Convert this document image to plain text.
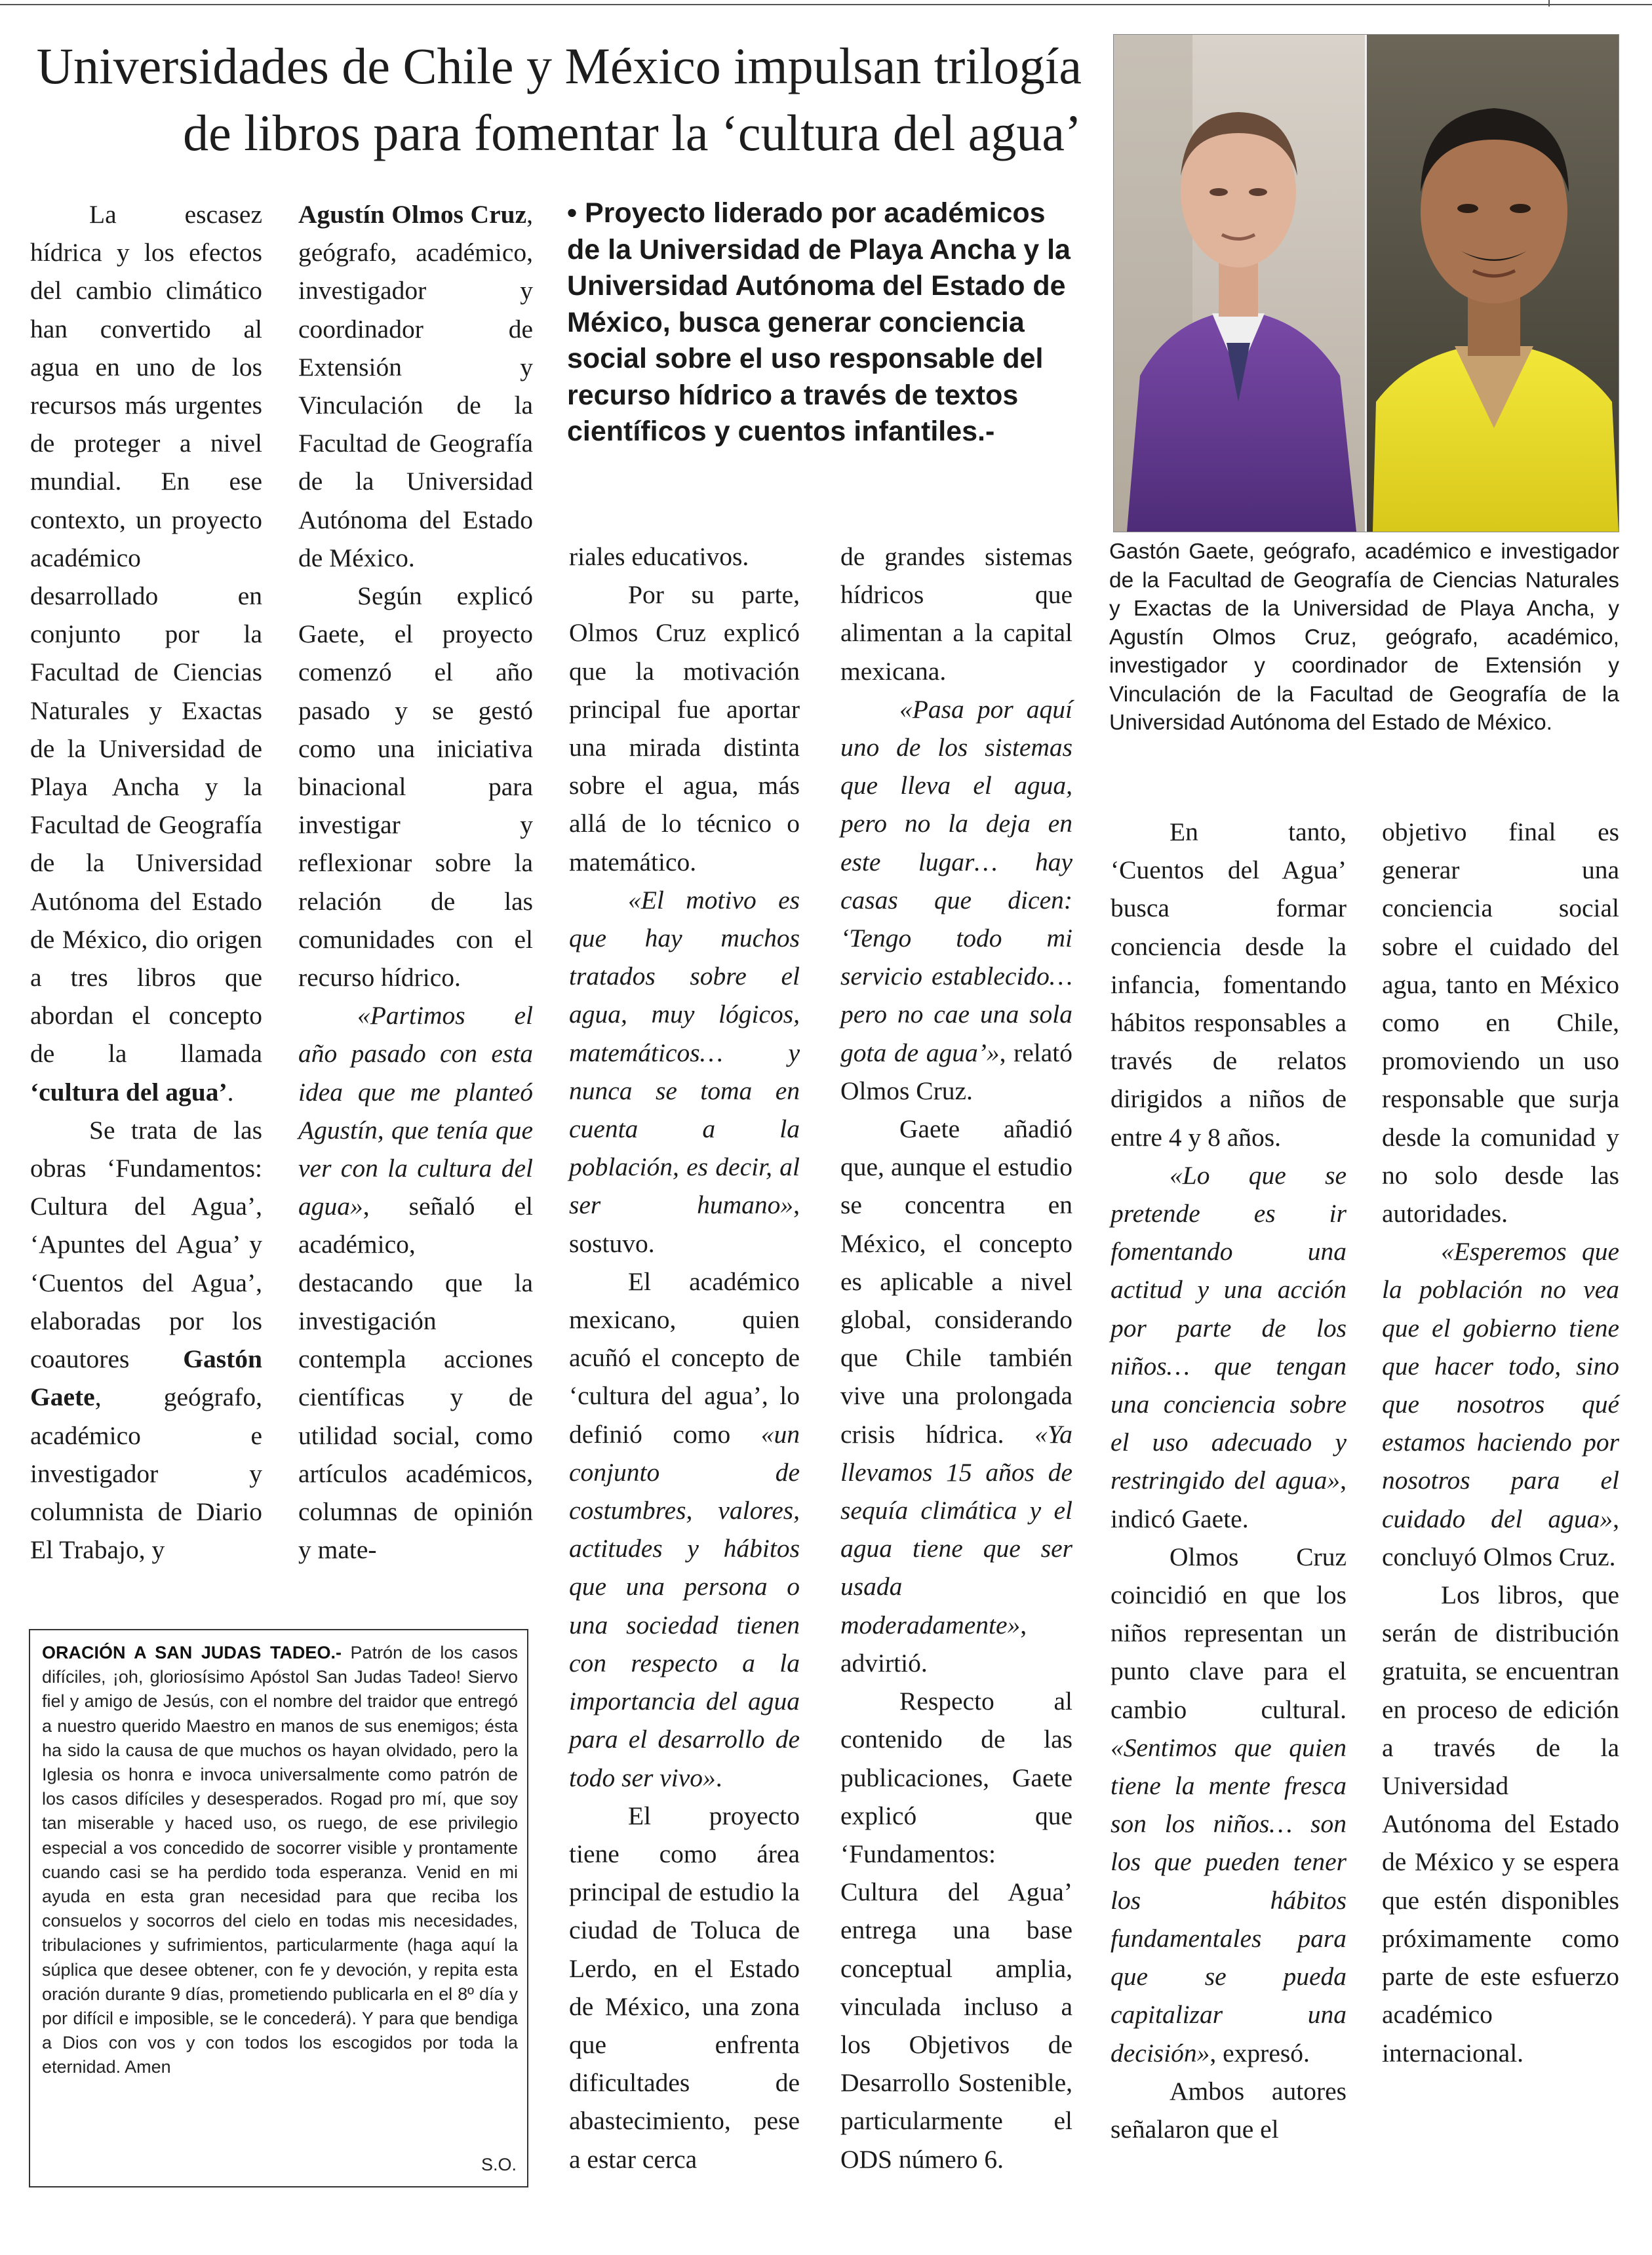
Universidades de Chile y México impulsan trilogía
de libros para fomentar la ‘cultura del agua’

La escasez hídrica y los efectos del cambio climático han convertido al agua en uno de los recursos más urgentes de proteger a nivel mundial. En ese contexto, un proyecto académico desarrollado en conjunto por la Facultad de Ciencias Naturales y Exactas de la Universidad de Playa Ancha y la Facultad de Geografía de la Universidad Autónoma del Estado de México, dio origen a tres libros que abordan el concepto de la llamada ‘cultura del agua’.

Se trata de las obras ‘Fundamentos: Cultura del Agua’, ‘Apuntes del Agua’ y ‘Cuentos del Agua’, elaboradas por los coautores Gastón Gaete, geógrafo, académico e investigador y columnista de Diario El Trabajo, y

Agustín Olmos Cruz, geógrafo, académico, investigador y coordinador de Extensión y Vinculación de la Facultad de Geografía de la Universidad Autónoma del Estado de México.

Según explicó Gaete, el proyecto comenzó el año pasado y se gestó como una iniciativa binacional para investigar y reflexionar sobre la relación de las comunidades con el recurso hídrico.

«Partimos el año pasado con esta idea que me planteó Agustín, que tenía que ver con la cultura del agua», señaló el académico, destacando que la investigación contempla acciones científicas y de utilidad social, como artículos académicos, columnas de opinión y mate-

• Proyecto liderado por académicos de la Universidad de Playa Ancha y la Universidad Autónoma del Estado de México, busca generar conciencia social sobre el uso responsable del recurso hídrico a través de textos científicos y cuentos infantiles.-

riales educativos.

Por su parte, Olmos Cruz explicó que la motivación principal fue aportar una mirada distinta sobre el agua, más allá de lo técnico o matemático.

«El motivo es que hay muchos tratados sobre el agua, muy lógicos, matemáticos… y nunca se toma en cuenta a la población, es decir, al ser humano», sostuvo.

El académico mexicano, quien acuñó el concepto de ‘cultura del agua’, lo definió como «un conjunto de costumbres, valores, actitudes y hábitos que una persona o una sociedad tienen con respecto a la importancia del agua para el desarrollo de todo ser vivo».

El proyecto tiene como área principal de estudio la ciudad de Toluca de Lerdo, en el Estado de México, una zona que enfrenta dificultades de abastecimiento, pese a estar cerca

de grandes sistemas hídricos que alimentan a la capital mexicana.

«Pasa por aquí uno de los sistemas que lleva el agua, pero no la deja en este lugar… hay casas que dicen: ‘Tengo todo mi servicio establecido… pero no cae una sola gota de agua’», relató Olmos Cruz.

Gaete añadió que, aunque el estudio se concentra en México, el concepto es aplicable a nivel global, considerando que Chile también vive una prolongada crisis hídrica. «Ya llevamos 15 años de sequía climática y el agua tiene que ser usada moderadamente», advirtió.

Respecto al contenido de las publicaciones, Gaete explicó que ‘Fundamentos: Cultura del Agua’ entrega una base conceptual amplia, vinculada incluso a los Objetivos de Desarrollo Sostenible, particularmente el ODS número 6.

Gastón Gaete, geógrafo, académico e investigador de la Facultad de Geografía de Ciencias Naturales y Exactas de la Universidad de Playa Ancha, y Agustín Olmos Cruz, geógrafo, académico, investigador y coordinador de Extensión y Vinculación de la Facultad de Geografía de la Universidad Autónoma del Estado de México.

En tanto, ‘Cuentos del Agua’ busca formar conciencia desde la infancia, fomentando hábitos responsables a través de relatos dirigidos a niños de entre 4 y 8 años.

«Lo que se pretende es ir fomentando una actitud y una acción por parte de los niños… que tengan una conciencia sobre el uso adecuado y restringido del agua», indicó Gaete.

Olmos Cruz coincidió en que los niños representan un punto clave para el cambio cultural. «Sentimos que quien tiene la mente fresca son los niños… son los que pueden tener los hábitos fundamentales para que se pueda capitalizar una decisión», expresó.

Ambos autores señalaron que el

objetivo final es generar una conciencia social sobre el cuidado del agua, tanto en México como en Chile, promoviendo un uso responsable que surja desde la comunidad y no solo desde las autoridades.

«Esperemos que la población no vea que el gobierno tiene que hacer todo, sino que nosotros qué estamos haciendo por nosotros para el cuidado del agua», concluyó Olmos Cruz.

Los libros, que serán de distribución gratuita, se encuentran en proceso de edición a través de la Universidad Autónoma del Estado de México y se espera que estén disponibles próximamente como parte de este esfuerzo académico internacional.

ORACIÓN A SAN JUDAS TADEO.- Patrón de los casos difíciles, ¡oh, gloriosísimo Apóstol San Judas Tadeo! Siervo fiel y amigo de Jesús, con el nombre del traidor que entregó a nuestro querido Maestro en manos de sus enemigos; ésta ha sido la causa de que muchos os hayan olvidado, pero la Iglesia os honra e invoca universalmente como patrón de los casos difíciles y desesperados. Rogad pro mí, que soy tan miserable y haced uso, os ruego, de ese privilegio especial a vos concedido de socorrer visible y prontamente cuando casi se ha perdido toda esperanza. Venid en mi ayuda en esta gran necesidad para que reciba los consuelos y socorros del cielo en todas mis necesidades, tribulaciones y sufrimientos, particularmente (haga aquí la súplica que desee obtener, con fe y devoción, y repita esta oración durante 9 días, prometiendo publicarla en el 8º día y por difícil e imposible, se le concederá). Y para que bendiga a Dios con vos y con todos los escogidos por toda la eternidad. Amen
S.O.
